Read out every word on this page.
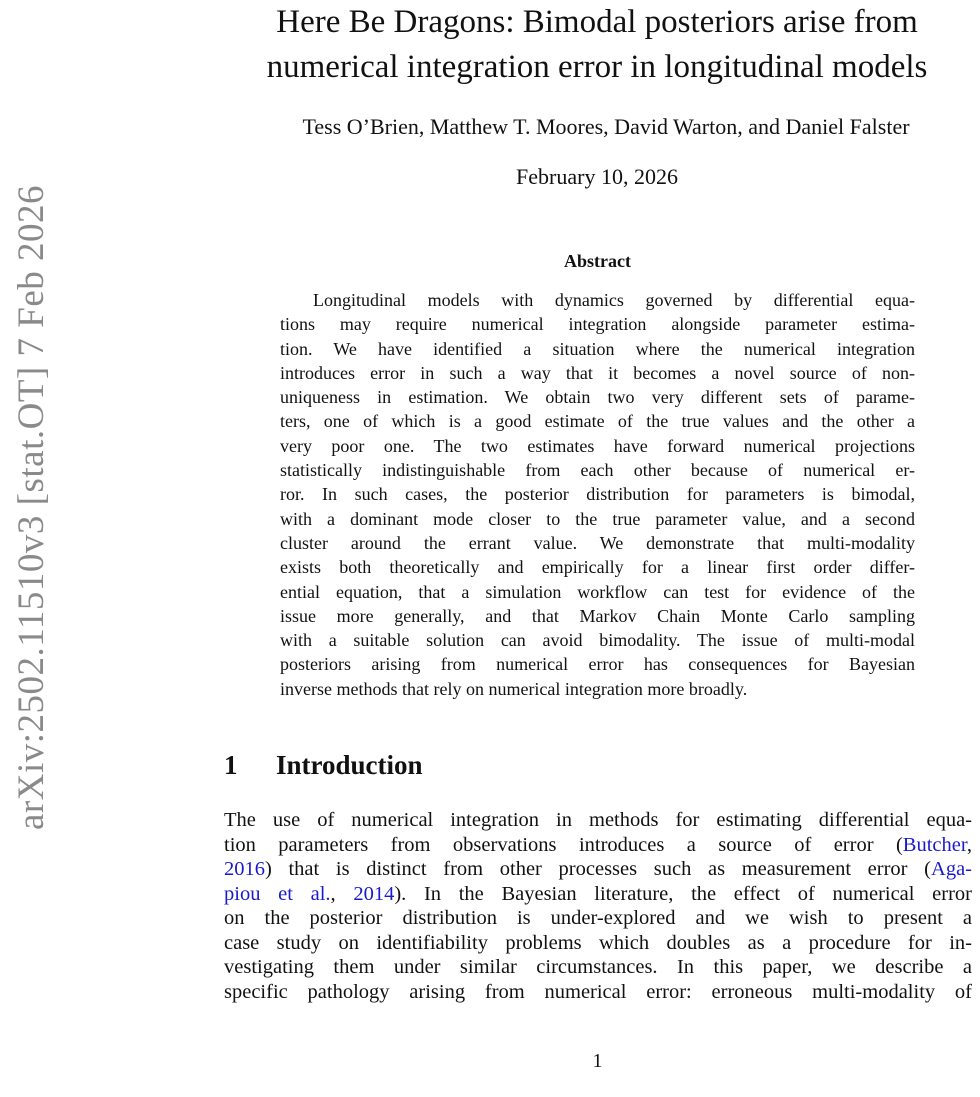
arXiv:2502.11510v3 [stat.OT] 7 Feb 2026
Here Be Dragons: Bimodal posteriors arise from
numerical integration error in longitudinal models
Tess O’Brien, Matthew T. Moores, David Warton, and Daniel Falster
February 10, 2026
Abstract
Longitudinal models with dynamics governed by differential equa-
tions may require numerical integration alongside parameter estima-
tion. We have identified a situation where the numerical integration
introduces error in such a way that it becomes a novel source of non-
uniqueness in estimation. We obtain two very different sets of parame-
ters, one of which is a good estimate of the true values and the other a
very poor one. The two estimates have forward numerical projections
statistically indistinguishable from each other because of numerical er-
ror. In such cases, the posterior distribution for parameters is bimodal,
with a dominant mode closer to the true parameter value, and a second
cluster around the errant value. We demonstrate that multi-modality
exists both theoretically and empirically for a linear first order differ-
ential equation, that a simulation workflow can test for evidence of the
issue more generally, and that Markov Chain Monte Carlo sampling
with a suitable solution can avoid bimodality. The issue of multi-modal
posteriors arising from numerical error has consequences for Bayesian
inverse methods that rely on numerical integration more broadly.
1 Introduction
The use of numerical integration in methods for estimating differential equa-
tion parameters from observations introduces a source of error (Butcher,
2016) that is distinct from other processes such as measurement error (Aga-
piou et al., 2014). In the Bayesian literature, the effect of numerical error
on the posterior distribution is under-explored and we wish to present a
case study on identifiability problems which doubles as a procedure for in-
vestigating them under similar circumstances. In this paper, we describe a
specific pathology arising from numerical error: erroneous multi-modality of
1
